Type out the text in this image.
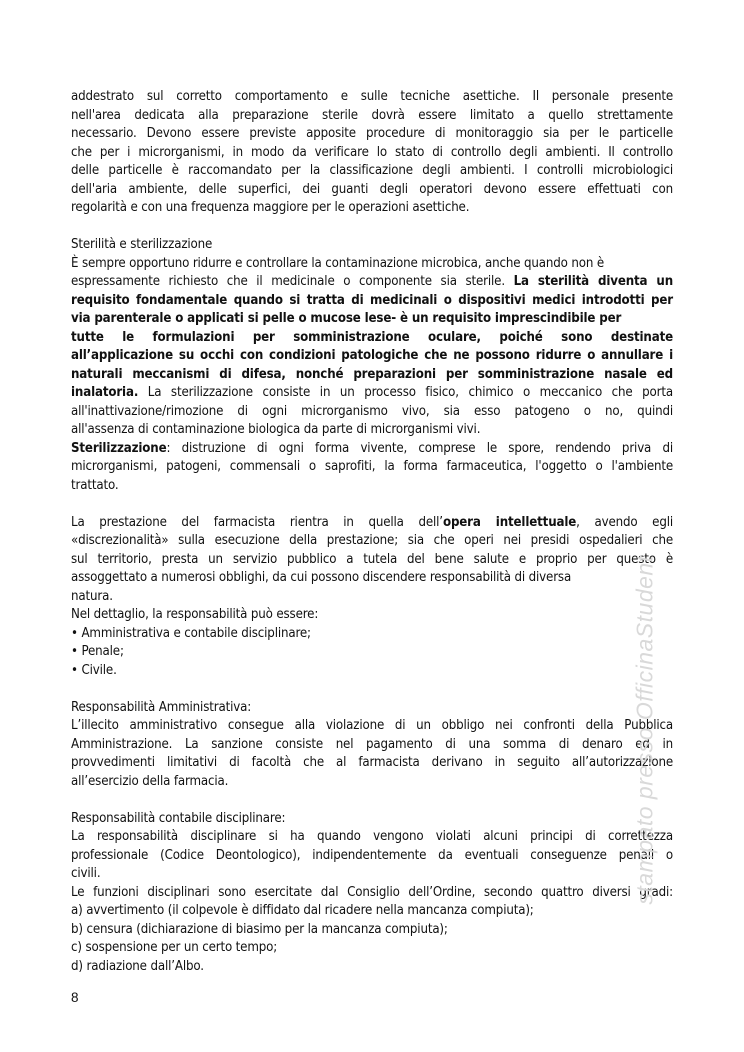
addestrato sul corretto comportamento e sulle tecniche asettiche. Il personale presente
nell'area dedicata alla preparazione sterile dovrà essere limitato a quello strettamente
necessario. Devono essere previste apposite procedure di monitoraggio sia per le particelle
che per i microrganismi, in modo da verificare lo stato di controllo degli ambienti. Il controllo
delle particelle è raccomandato per la classificazione degli ambienti. I controlli microbiologici
dell'aria ambiente, delle superfici, dei guanti degli operatori devono essere effettuati con
regolarità e con una frequenza maggiore per le operazioni asettiche.
Sterilità e sterilizzazione
È sempre opportuno ridurre e controllare la contaminazione microbica, anche quando non è
espressamente richiesto che il medicinale o componente sia sterile. La sterilità diventa un
requisito fondamentale quando si tratta di medicinali o dispositivi medici introdotti per
via parenterale o applicati si pelle o mucose lese- è un requisito imprescindibile per
tutte le formulazioni per somministrazione oculare, poiché sono destinate
all’applicazione su occhi con condizioni patologiche che ne possono ridurre o annullare i
naturali meccanismi di difesa, nonché preparazioni per somministrazione nasale ed
inalatoria. La sterilizzazione consiste in un processo fisico, chimico o meccanico che porta
all'inattivazione/rimozione di ogni microrganismo vivo, sia esso patogeno o no, quindi
all'assenza di contaminazione biologica da parte di microrganismi vivi.
Sterilizzazione: distruzione di ogni forma vivente, comprese le spore, rendendo priva di
microrganismi, patogeni, commensali o saprofiti, la forma farmaceutica, l'oggetto o l'ambiente
trattato.
La prestazione del farmacista rientra in quella dell’opera intellettuale, avendo egli
«discrezionalità» sulla esecuzione della prestazione; sia che operi nei presidi ospedalieri che
sul territorio, presta un servizio pubblico a tutela del bene salute e proprio per questo è
assoggettato a numerosi obblighi, da cui possono discendere responsabilità di diversa
natura.
Nel dettaglio, la responsabilità può essere:
• Amministrativa e contabile disciplinare;
• Penale;
• Civile.
Responsabilità Amministrativa:
L’illecito amministrativo consegue alla violazione di un obbligo nei confronti della Pubblica
Amministrazione. La sanzione consiste nel pagamento di una somma di denaro ed in
provvedimenti limitativi di facoltà che al farmacista derivano in seguito all’autorizzazione
all’esercizio della farmacia.
Responsabilità contabile disciplinare:
La responsabilità disciplinare si ha quando vengono violati alcuni principi di correttezza
professionale (Codice Deontologico), indipendentemente da eventuali conseguenze penali o
civili.
Le funzioni disciplinari sono esercitate dal Consiglio dell’Ordine, secondo quattro diversi gradi:
a) avvertimento (il colpevole è diffidato dal ricadere nella mancanza compiuta);
b) censura (dichiarazione di biasimo per la mancanza compiuta);
c) sospensione per un certo tempo;
d) radiazione dall’Albo.
8
stampato presso OfficinaStudent
